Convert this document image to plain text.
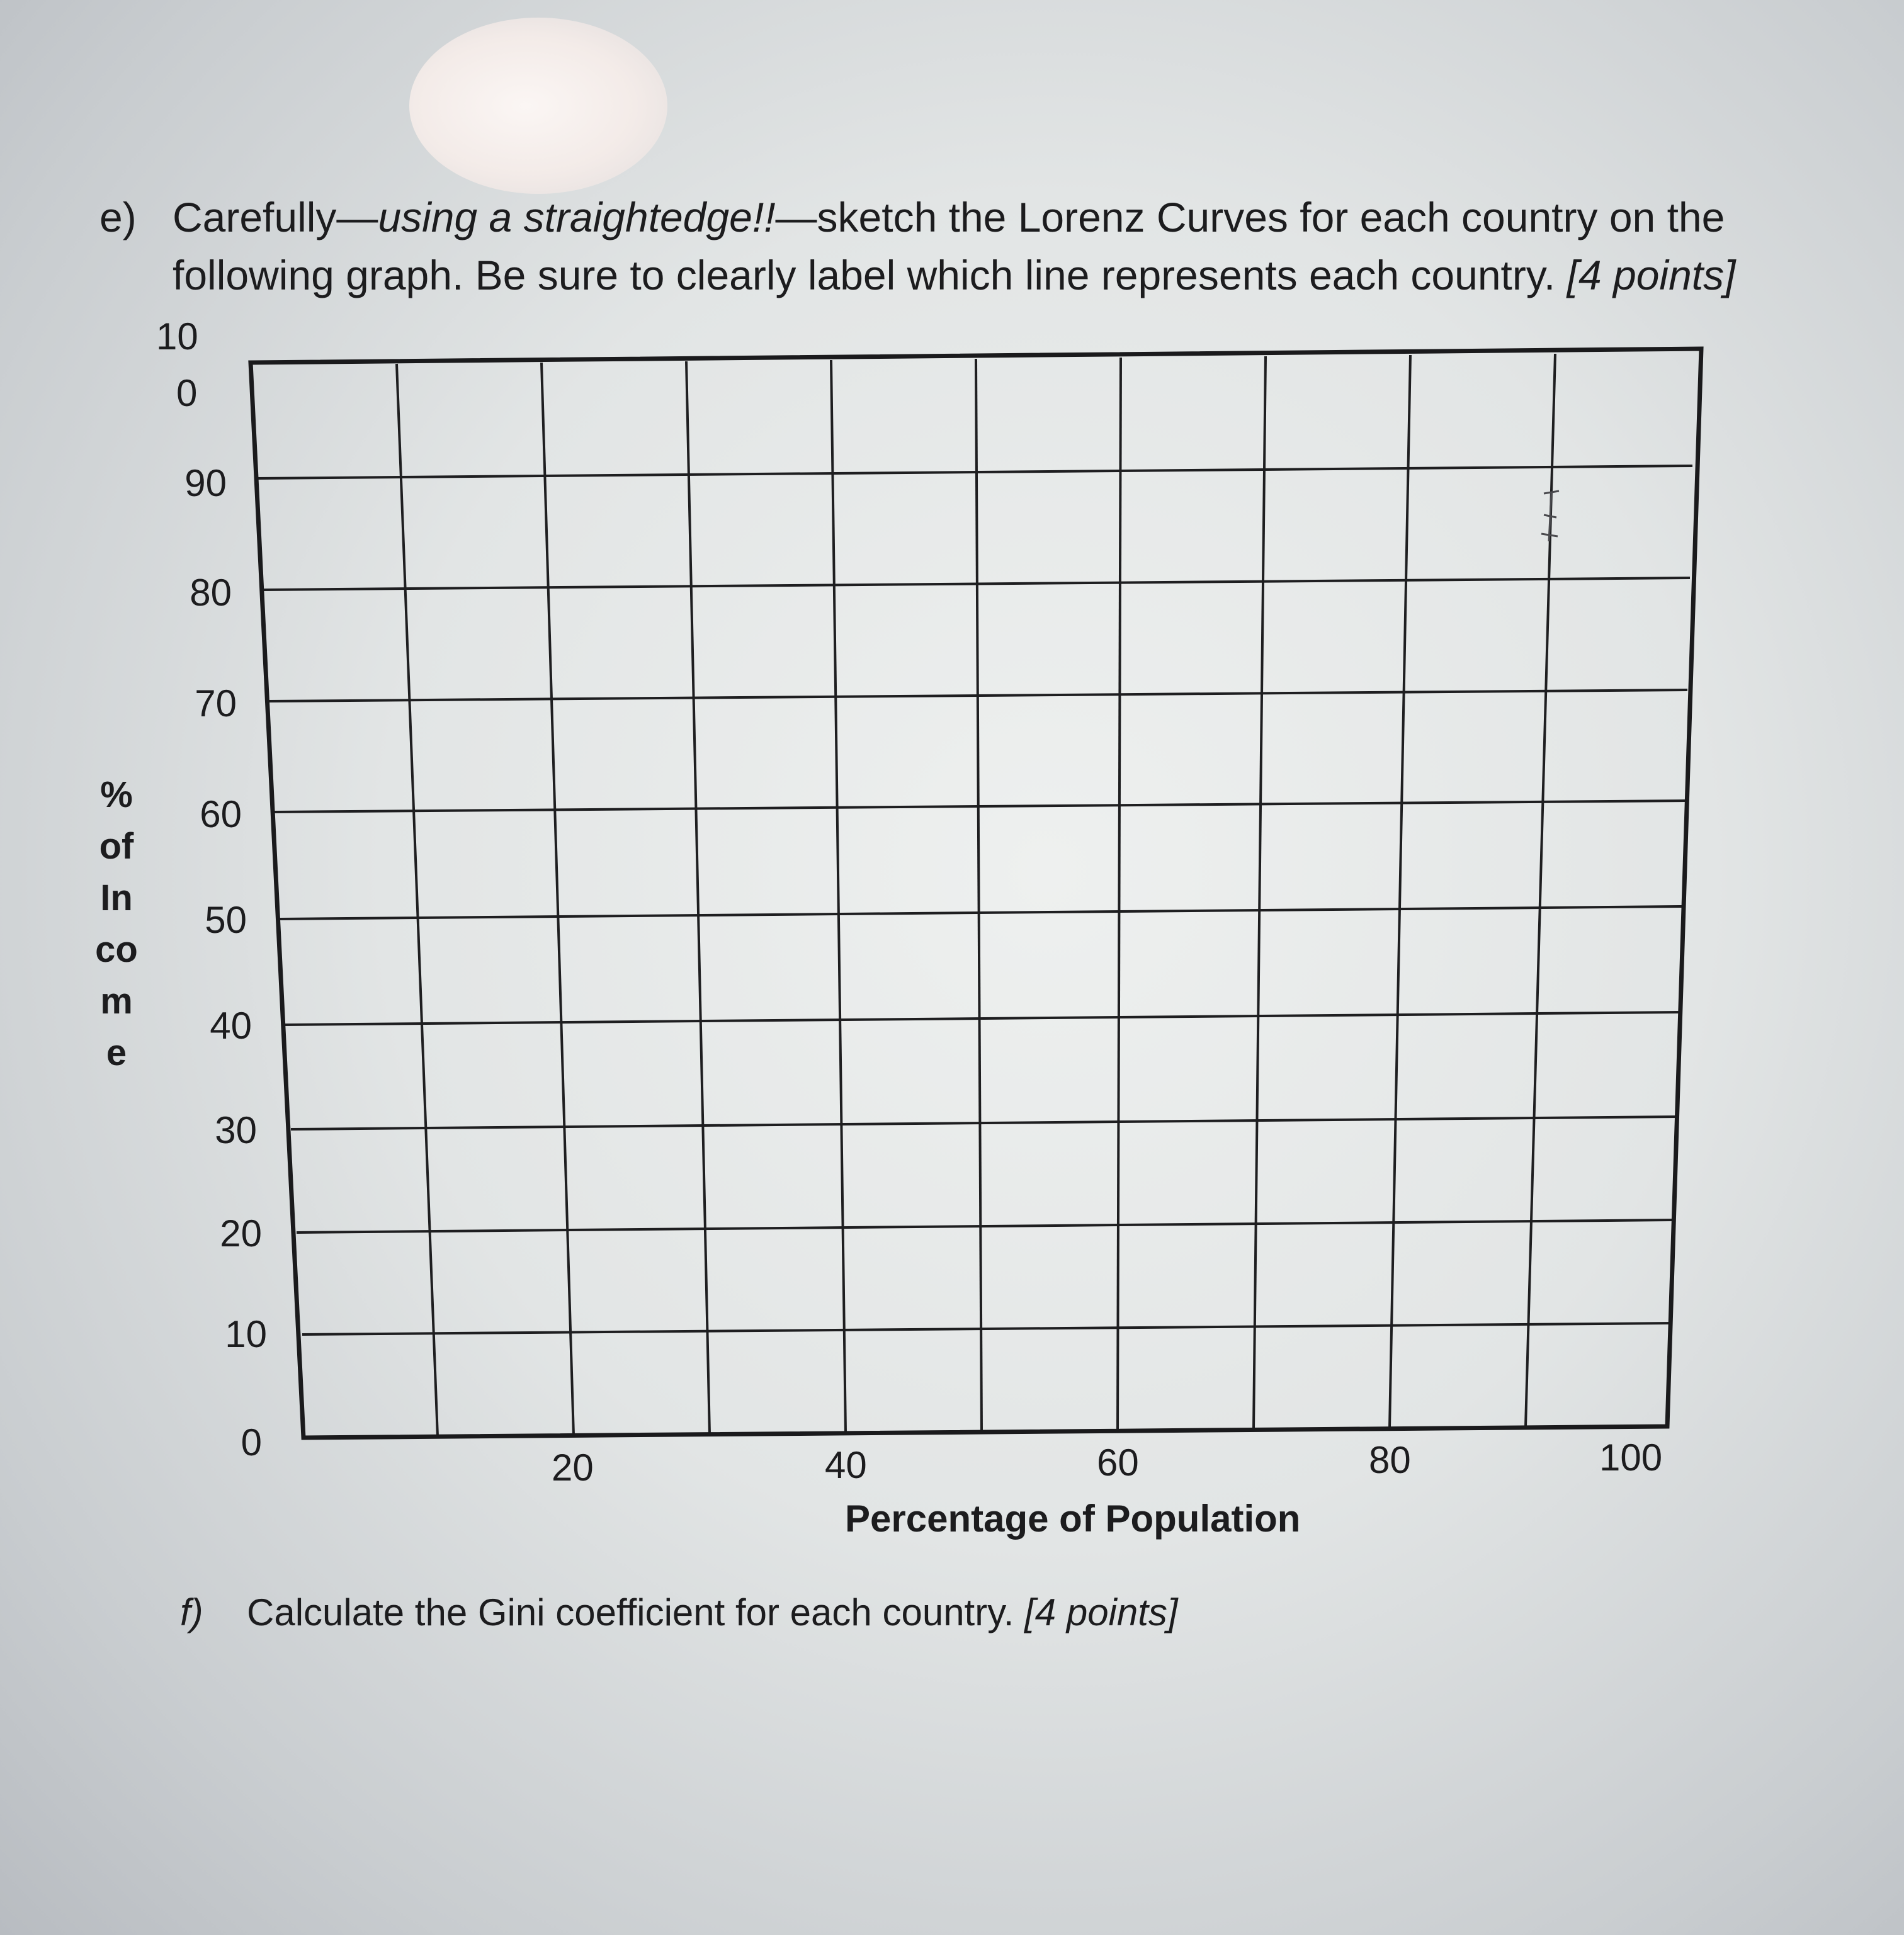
e) Carefully—using a straightedge!!—sketch the Lorenz Curves for each country on the
following graph. Be sure to clearly label which line represents each country. [4 points]
%
of
In
co
m
e
10
0
90
80
70
60
50
40
30
20
10
0
20	40	60	80	100
Percentage of Population
f) Calculate the Gini coefficient for each country. [4 points]
